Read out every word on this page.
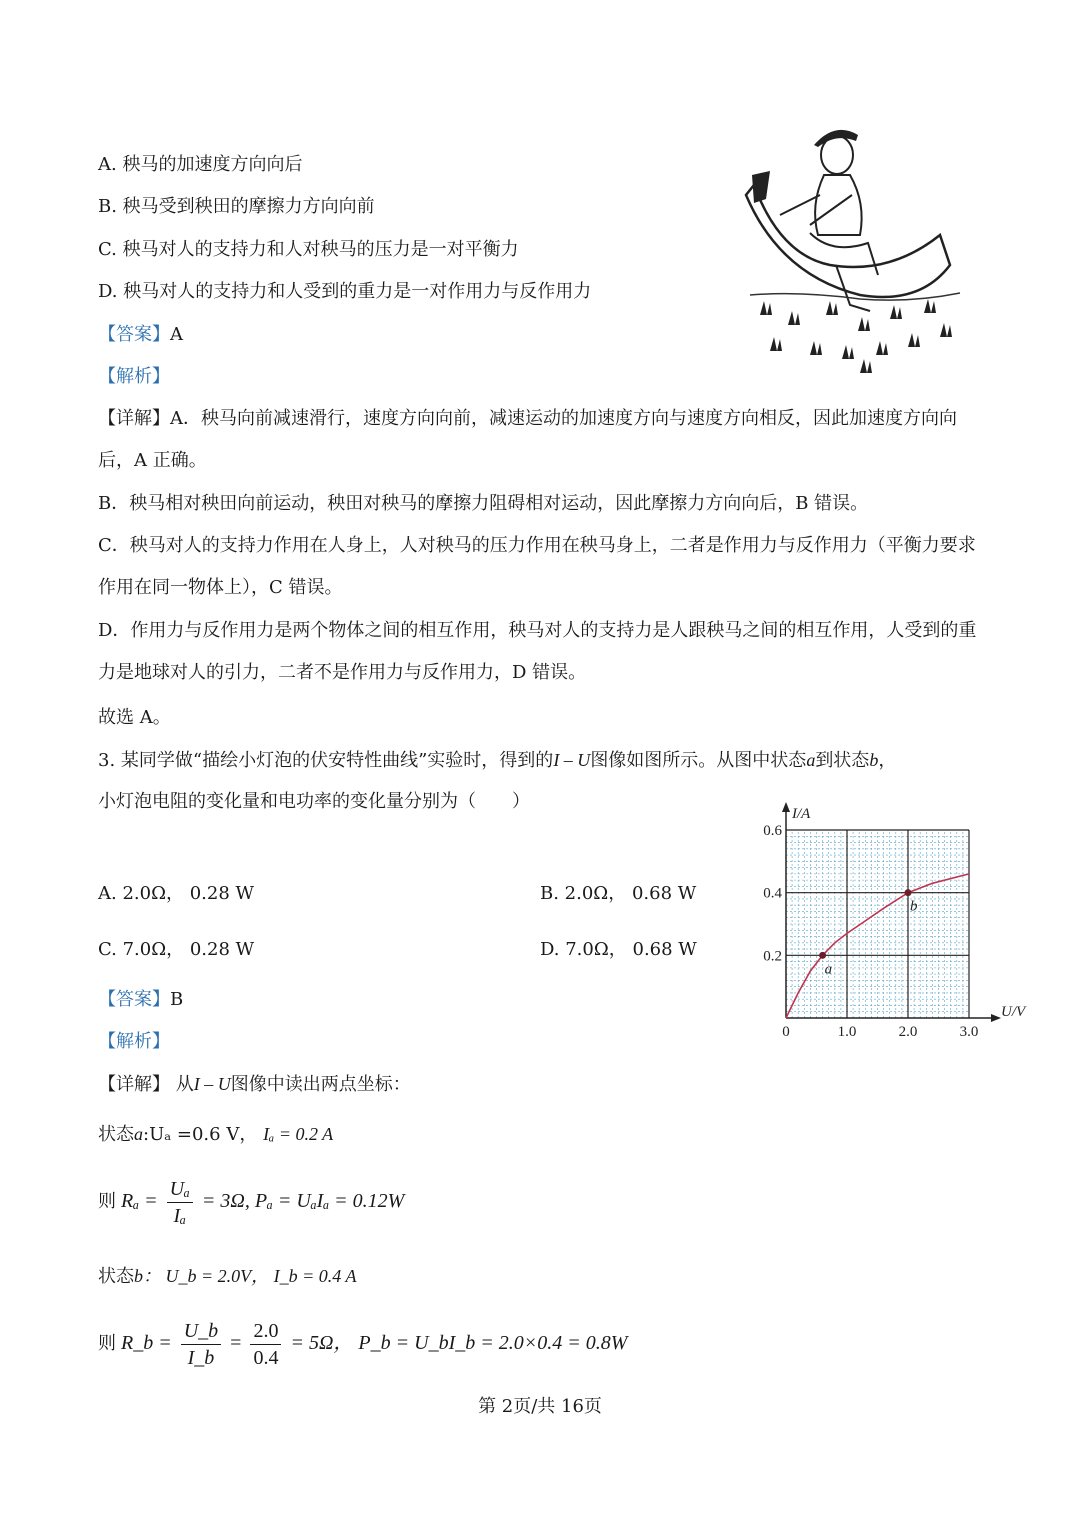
A. 秧马的加速度方向向后
B. 秧马受到秧田的摩擦力方向向前
C. 秧马对人的支持力和人对秧马的压力是一对平衡力
D. 秧马对人的支持力和人受到的重力是一对作用力与反作用力
【答案】A
【解析】
【详解】A．秧马向前减速滑行，速度方向向前，减速运动的加速度方向与速度方向相反，因此加速度方向向后，A 正确。
B．秧马相对秧田向前运动，秧田对秧马的摩擦力阻碍相对运动，因此摩擦力方向向后，B 错误。
C．秧马对人的支持力作用在人身上，人对秧马的压力作用在秧马身上，二者是作用力与反作用力（平衡力要求作用在同一物体上），C 错误。
D．作用力与反作用力是两个物体之间的相互作用，秧马对人的支持力是人跟秧马之间的相互作用，人受到的重力是地球对人的引力，二者不是作用力与反作用力，D 错误。
故选 A。
3. 某同学做“描绘小灯泡的伏安特性曲线”实验时，得到的I – U图像如图所示。从图中状态a到状态b，
小灯泡电阻的变化量和电功率的变化量分别为（　　）
A. 2.0Ω， 0.28 W	B. 2.0Ω， 0.68 W
C. 7.0Ω， 0.28 W	D. 7.0Ω， 0.68 W
0	1.0	2.0	3.0
0.2
0.4
0.6
U/V
I/A
a
b
【答案】B
【解析】
【详解】 从I – U图像中读出两点坐标：
状态a:Uₐ =0.6 V， Iₐ = 0.2 A
则 $R_a = \frac{\text{Uₐ}}{\text{Iₐ}} = 3\Omega$, Pₐ = UₐIₐ = 0.12W
状态b： U_b = 2.0V， I_b = 0.4 A
则 R_b = $\frac{U\_b}{I\_b} = \frac{2.0}{0.4} = 5\Omega$， P_b = U_bI_b = 2.0×0.4 = 0.8W
第 2页/共 16页
